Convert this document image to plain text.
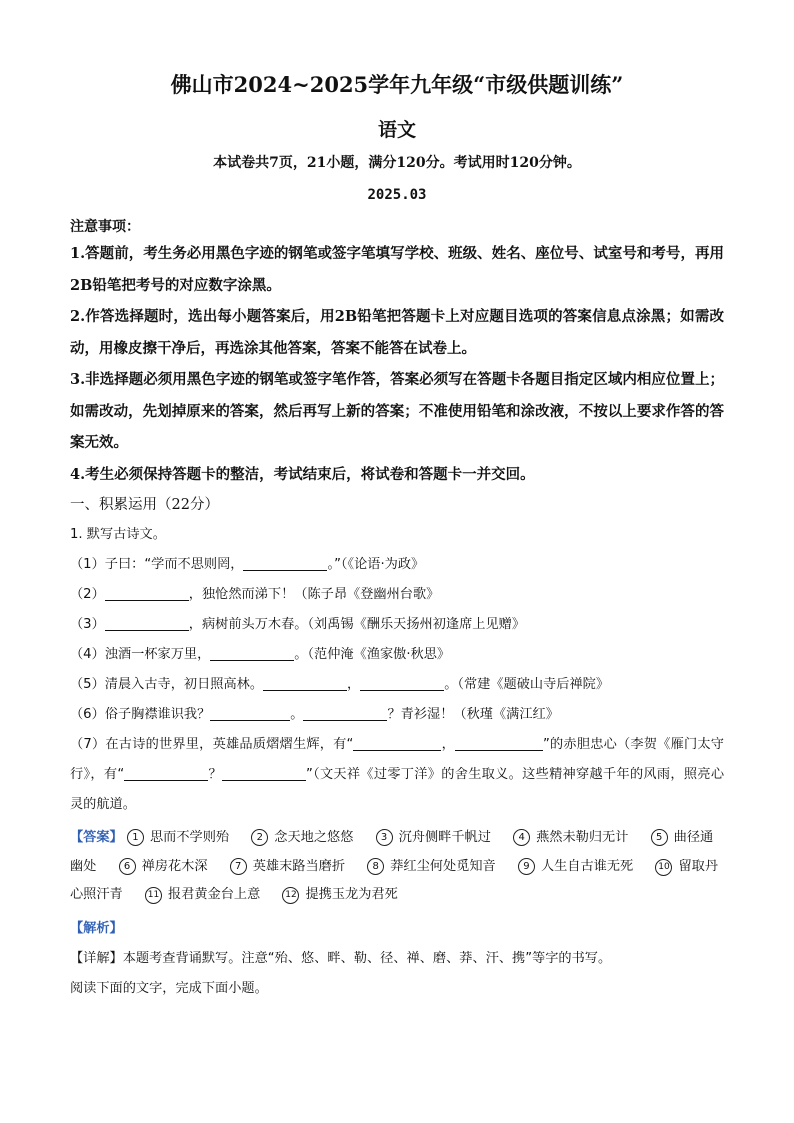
佛山市2024~2025学年九年级“市级供题训练”
语文
本试卷共7页，21小题，满分120分。考试用时120分钟。
2025.03
注意事项：
1.答题前，考生务必用黑色字迹的钢笔或签字笔填写学校、班级、姓名、座位号、试室号和考号，再用2B铅笔把考号的对应数字涂黑。
2.作答选择题时，选出每小题答案后，用2B铅笔把答题卡上对应题目选项的答案信息点涂黑；如需改动，用橡皮擦干净后，再选涂其他答案，答案不能答在试卷上。
3.非选择题必须用黑色字迹的钢笔或签字笔作答，答案必须写在答题卡各题目指定区域内相应位置上；如需改动，先划掉原来的答案，然后再写上新的答案；不准使用铅笔和涂改液，不按以上要求作答的答案无效。
4.考生必须保持答题卡的整洁，考试结束后，将试卷和答题卡一并交回。
一、积累运用（22分）
1. 默写古诗文。
（1）子曰：“学而不思则罔，	。”（《论语·为政》
（2）	，独怆然而涕下！（陈子昂《登幽州台歌》
（3）	，病树前头万木春。（刘禹锡《酬乐天扬州初逢席上见赠》
（4）浊酒一杯家万里，	。（范仲淹《渔家傲·秋思》
（5）清晨入古寺，初日照高林。	，	。（常建《题破山寺后禅院》
（6）俗子胸襟谁识我？	。	？青衫湿！（秋瑾《满江红》
（7）在古诗的世界里，英雄品质熠熠生辉，有“	，	”的赤胆忠心（李贺《雁门太守行》，有“	？	”（文天祥《过零丁洋》的舍生取义。这些精神穿越千年的风雨，照亮心灵的航道。
【答案】 1 思而不学则殆	2 念天地之悠悠	3 沉舟侧畔千帆过	4 燕然未勒归无计	5 曲径通幽处	6 禅房花木深	7 英雄末路当磨折	8 莽红尘何处觅知音	9 人生自古谁无死	10 留取丹心照汗青	11 报君黄金台上意	12 提携玉龙为君死
【解析】
【详解】本题考查背诵默写。注意“殆、悠、畔、勒、径、禅、磨、莽、汗、携”等字的书写。
阅读下面的文字，完成下面小题。
